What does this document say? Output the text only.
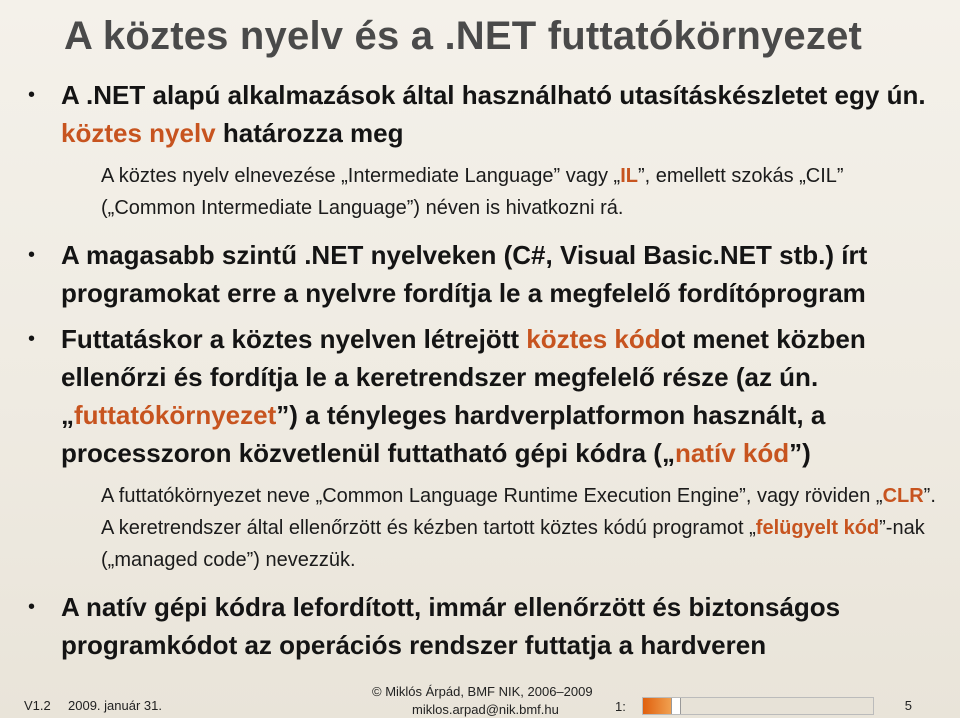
A köztes nyelv és a .NET futtatókörnyezet
• A .NET alapú alkalmazások által használható utasításkészletet egy ún. köztes nyelv határozza meg
A köztes nyelv elnevezése „Intermediate Language” vagy „IL”, emellett szokás „CIL” („Common Intermediate Language”) néven is hivatkozni rá.
• A magasabb szintű .NET nyelveken (C#, Visual Basic.NET stb.) írt programokat erre a nyelvre fordítja le a megfelelő fordítóprogram
• Futtatáskor a köztes nyelven létrejött köztes kódot menet közben ellenőrzi és fordítja le a keretrendszer megfelelő része (az ún. „futtatókörnyezet”) a tényleges hardverplatformon használt, a processzoron közvetlenül futtatható gépi kódra („natív kód”)
A futtatókörnyezet neve „Common Language Runtime Execution Engine”, vagy röviden „CLR”. A keretrendszer által ellenőrzött és kézben tartott köztes kódú programot „felügyelt kód”-nak („managed code”) nevezzük.
• A natív gépi kódra lefordított, immár ellenőrzött és biztonságos programkódot az operációs rendszer futtatja a hardveren
V1.2 2009. január 31.
© Miklós Árpád, BMF NIK, 2006–2009
miklos.arpad@nik.bmf.hu	1:	5
